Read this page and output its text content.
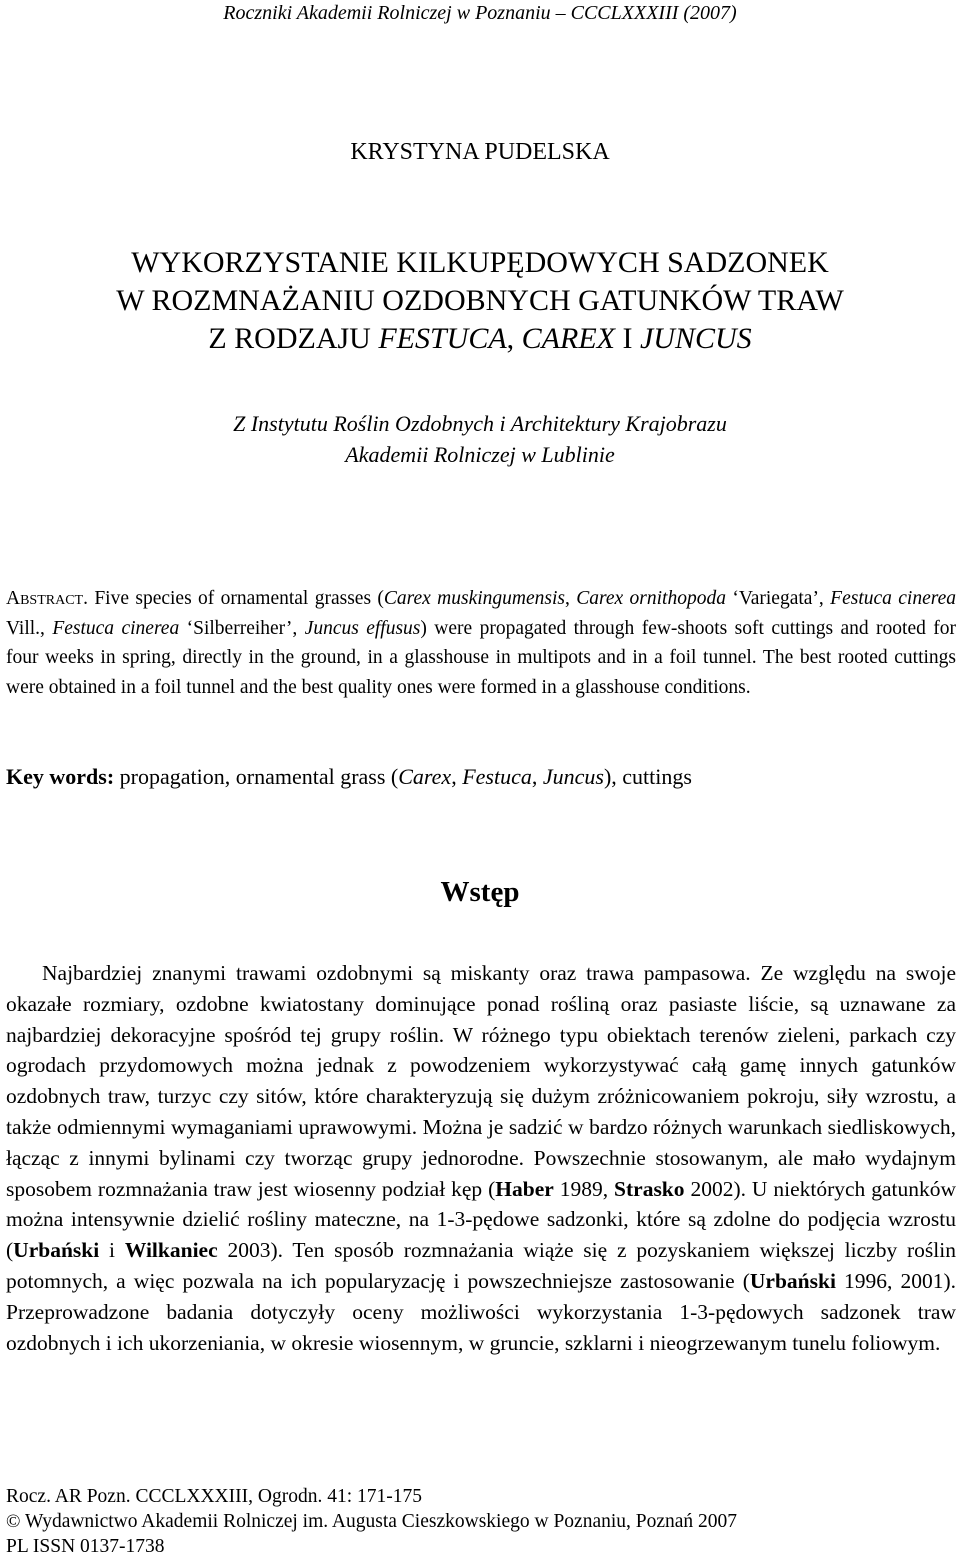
Roczniki Akademii Rolniczej w Poznaniu – CCCLXXXIII (2007)
KRYSTYNA PUDELSKA
WYKORZYSTANIE KILKUPĘDOWYCH SADZONEK
W ROZMNAŻANIU OZDOBNYCH GATUNKÓW TRAW
Z RODZAJU FESTUCA, CAREX I JUNCUS
Z Instytutu Roślin Ozdobnych i Architektury Krajobrazu
Akademii Rolniczej w Lublinie
Abstract. Five species of ornamental grasses (Carex muskingumensis, Carex ornithopoda ‘Variegata’, Festuca cinerea Vill., Festuca cinerea ‘Silberreiher’, Juncus effusus) were propagated through few-shoots soft cuttings and rooted for four weeks in spring, directly in the ground, in a glasshouse in multipots and in a foil tunnel. The best rooted cuttings were obtained in a foil tunnel and the best quality ones were formed in a glasshouse conditions.
Key words: propagation, ornamental grass (Carex, Festuca, Juncus), cuttings
Wstęp
Najbardziej znanymi trawami ozdobnymi są miskanty oraz trawa pampasowa. Ze względu na swoje okazałe rozmiary, ozdobne kwiatostany dominujące ponad rośliną oraz pasiaste liście, są uznawane za najbardziej dekoracyjne spośród tej grupy roślin. W różnego typu obiektach terenów zieleni, parkach czy ogrodach przydomowych można jednak z powodzeniem wykorzystywać całą gamę innych gatunków ozdobnych traw, turzyc czy sitów, które charakteryzują się dużym zróżnicowaniem pokroju, siły wzrostu, a także odmiennymi wymaganiami uprawowymi. Można je sadzić w bardzo różnych warunkach siedliskowych, łącząc z innymi bylinami czy tworząc grupy jednorodne. Powszechnie stosowanym, ale mało wydajnym sposobem rozmnażania traw jest wiosenny podział kęp (Haber 1989, Strasko 2002). U niektórych gatunków można intensywnie dzielić rośliny mateczne, na 1-3-pędowe sadzonki, które są zdolne do podjęcia wzrostu (Urbański i Wilkaniec 2003). Ten sposób rozmnażania wiąże się z pozyskaniem większej liczby roślin potomnych, a więc pozwala na ich popularyzację i powszechniejsze zastosowanie (Urbański 1996, 2001). Przeprowadzone badania dotyczyły oceny możliwości wykorzystania 1-3-pędowych sadzonek traw ozdobnych i ich ukorzeniania, w okresie wiosennym, w gruncie, szklarni i nieogrzewanym tunelu foliowym.
Rocz. AR Pozn. CCCLXXXIII, Ogrodn. 41: 171-175
© Wydawnictwo Akademii Rolniczej im. Augusta Cieszkowskiego w Poznaniu, Poznań 2007
PL ISSN 0137-1738
